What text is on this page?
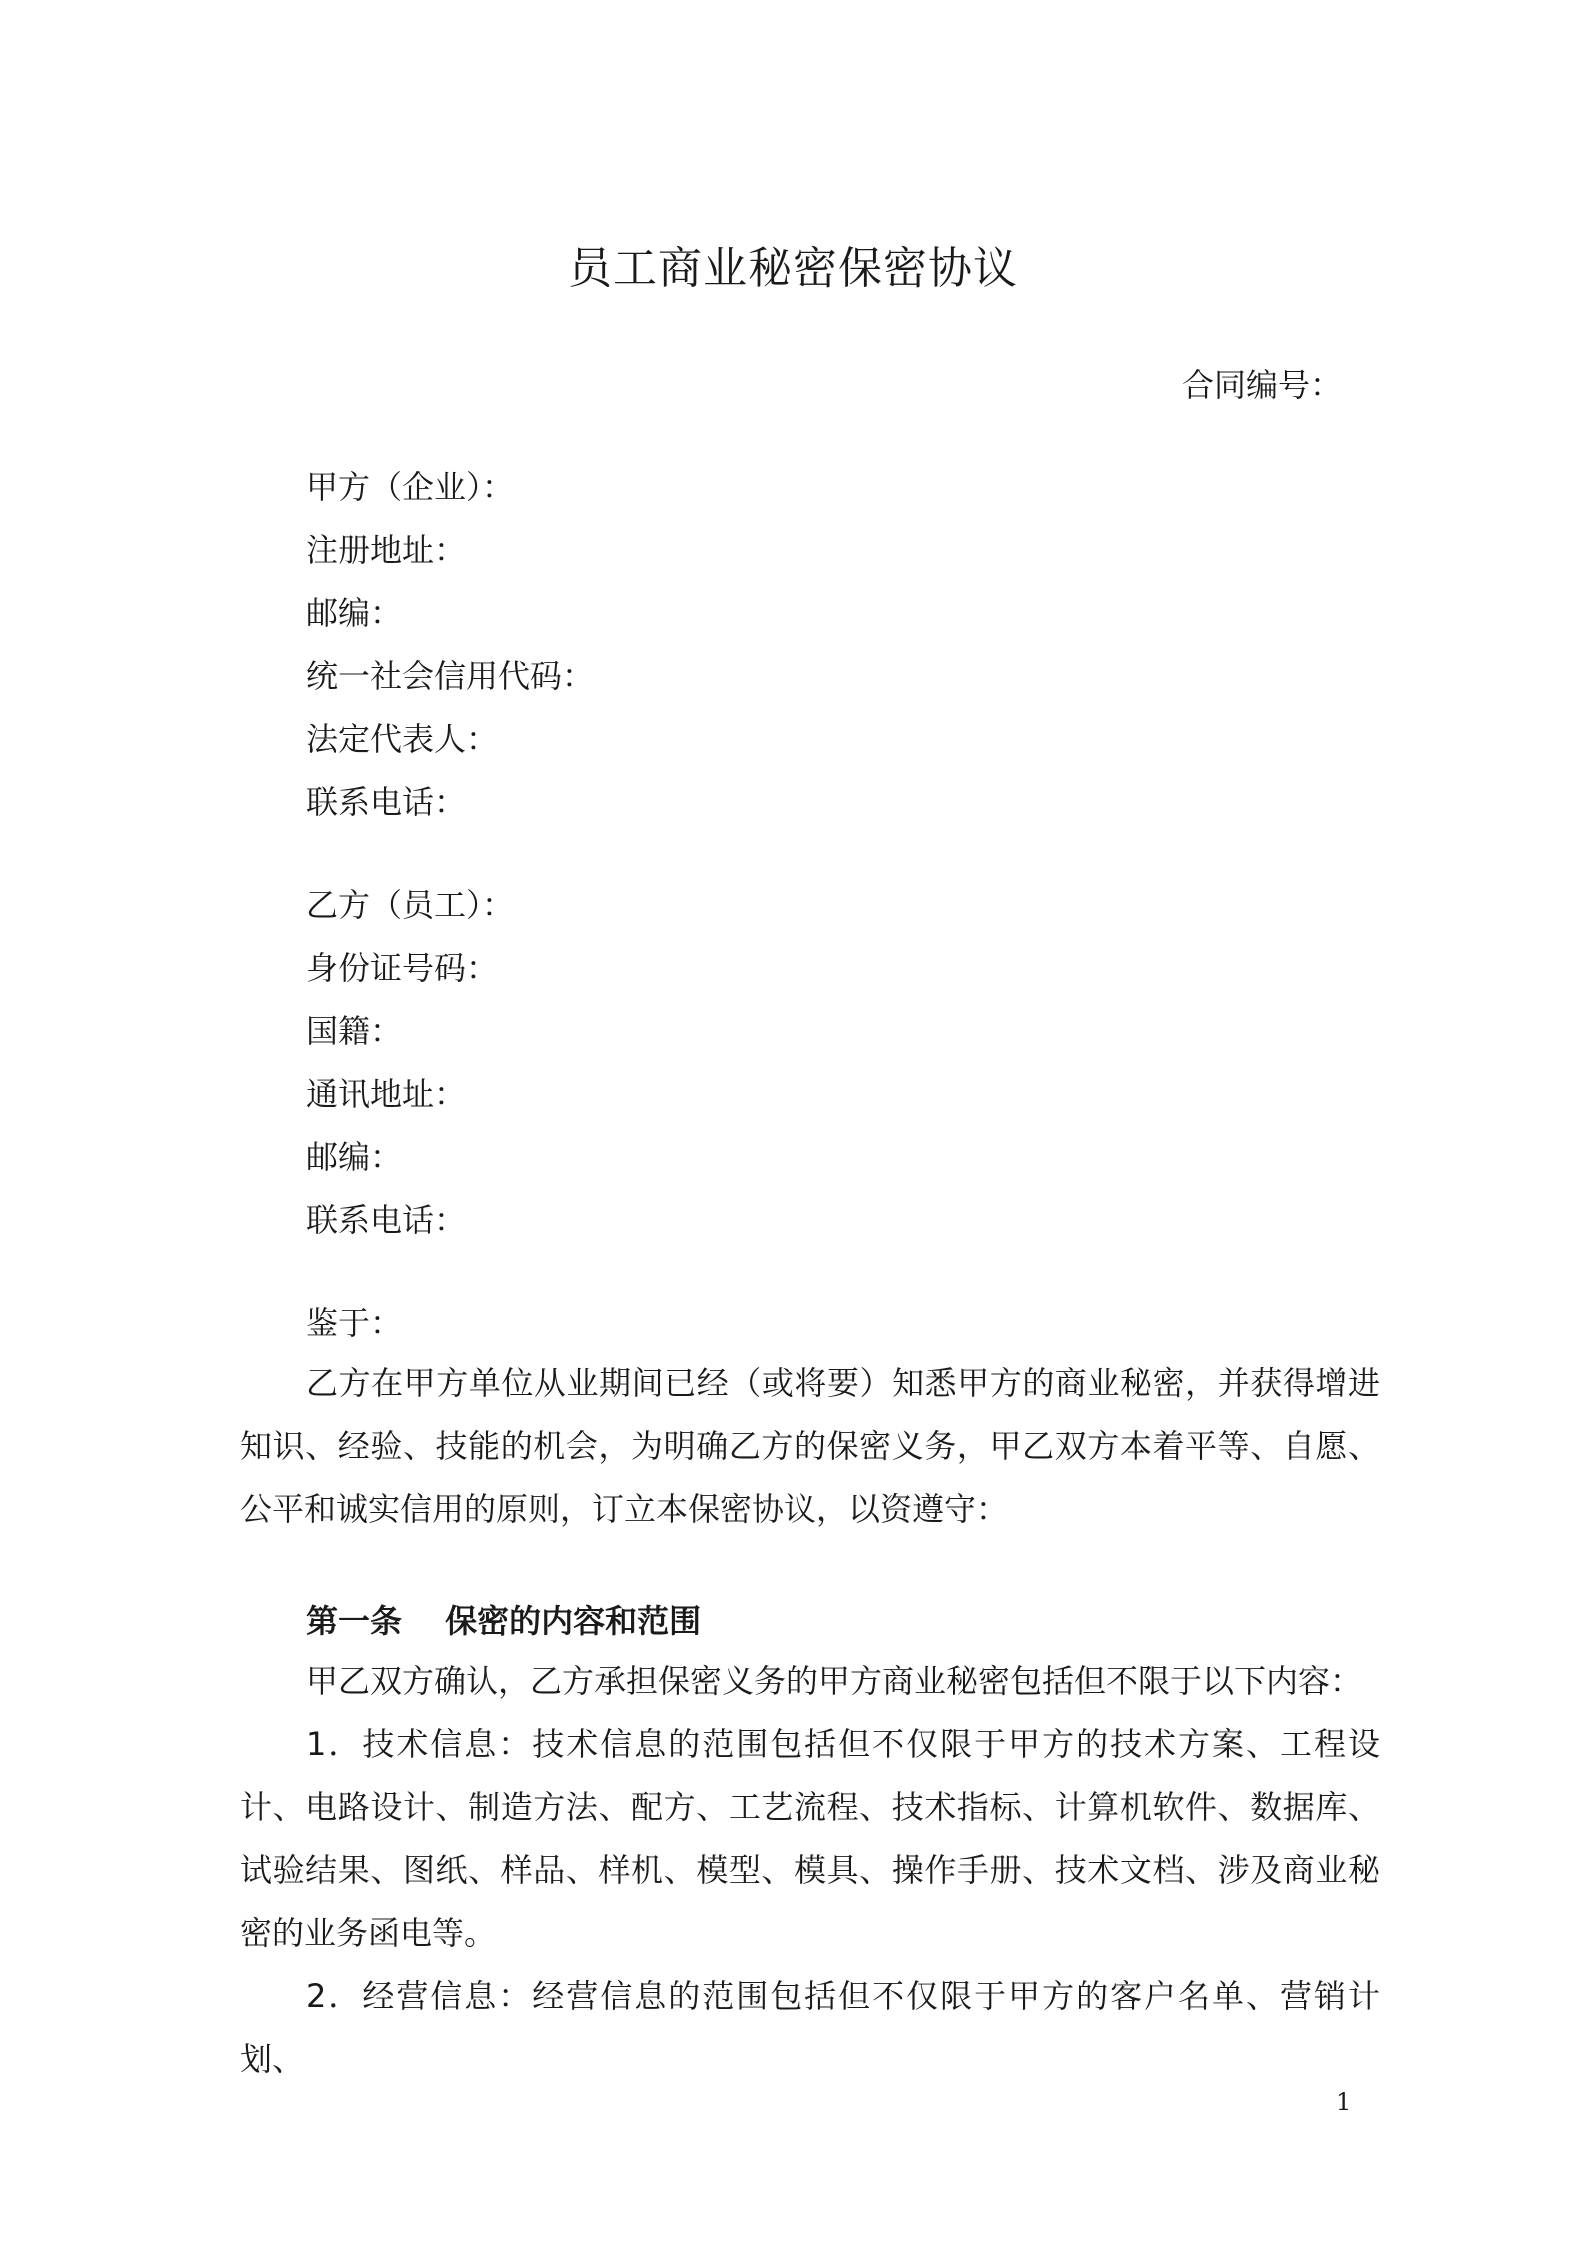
员工商业秘密保密协议
合同编号：
甲方（企业）：
注册地址：
邮编：
统一社会信用代码：
法定代表人：
联系电话：
乙方（员工）：
身份证号码：
国籍：
通讯地址：
邮编：
联系电话：
鉴于：
乙方在甲方单位从业期间已经（或将要）知悉甲方的商业秘密，并获得增进知识、经验、技能的机会，为明确乙方的保密义务，甲乙双方本着平等、自愿、公平和诚实信用的原则，订立本保密协议，以资遵守：
第一条　 保密的内容和范围
甲乙双方确认，乙方承担保密义务的甲方商业秘密包括但不限于以下内容：
1．技术信息：技术信息的范围包括但不仅限于甲方的技术方案、工程设计、电路设计、制造方法、配方、工艺流程、技术指标、计算机软件、数据库、试验结果、图纸、样品、样机、模型、模具、操作手册、技术文档、涉及商业秘密的业务函电等。
2．经营信息：经营信息的范围包括但不仅限于甲方的客户名单、营销计划、
1
